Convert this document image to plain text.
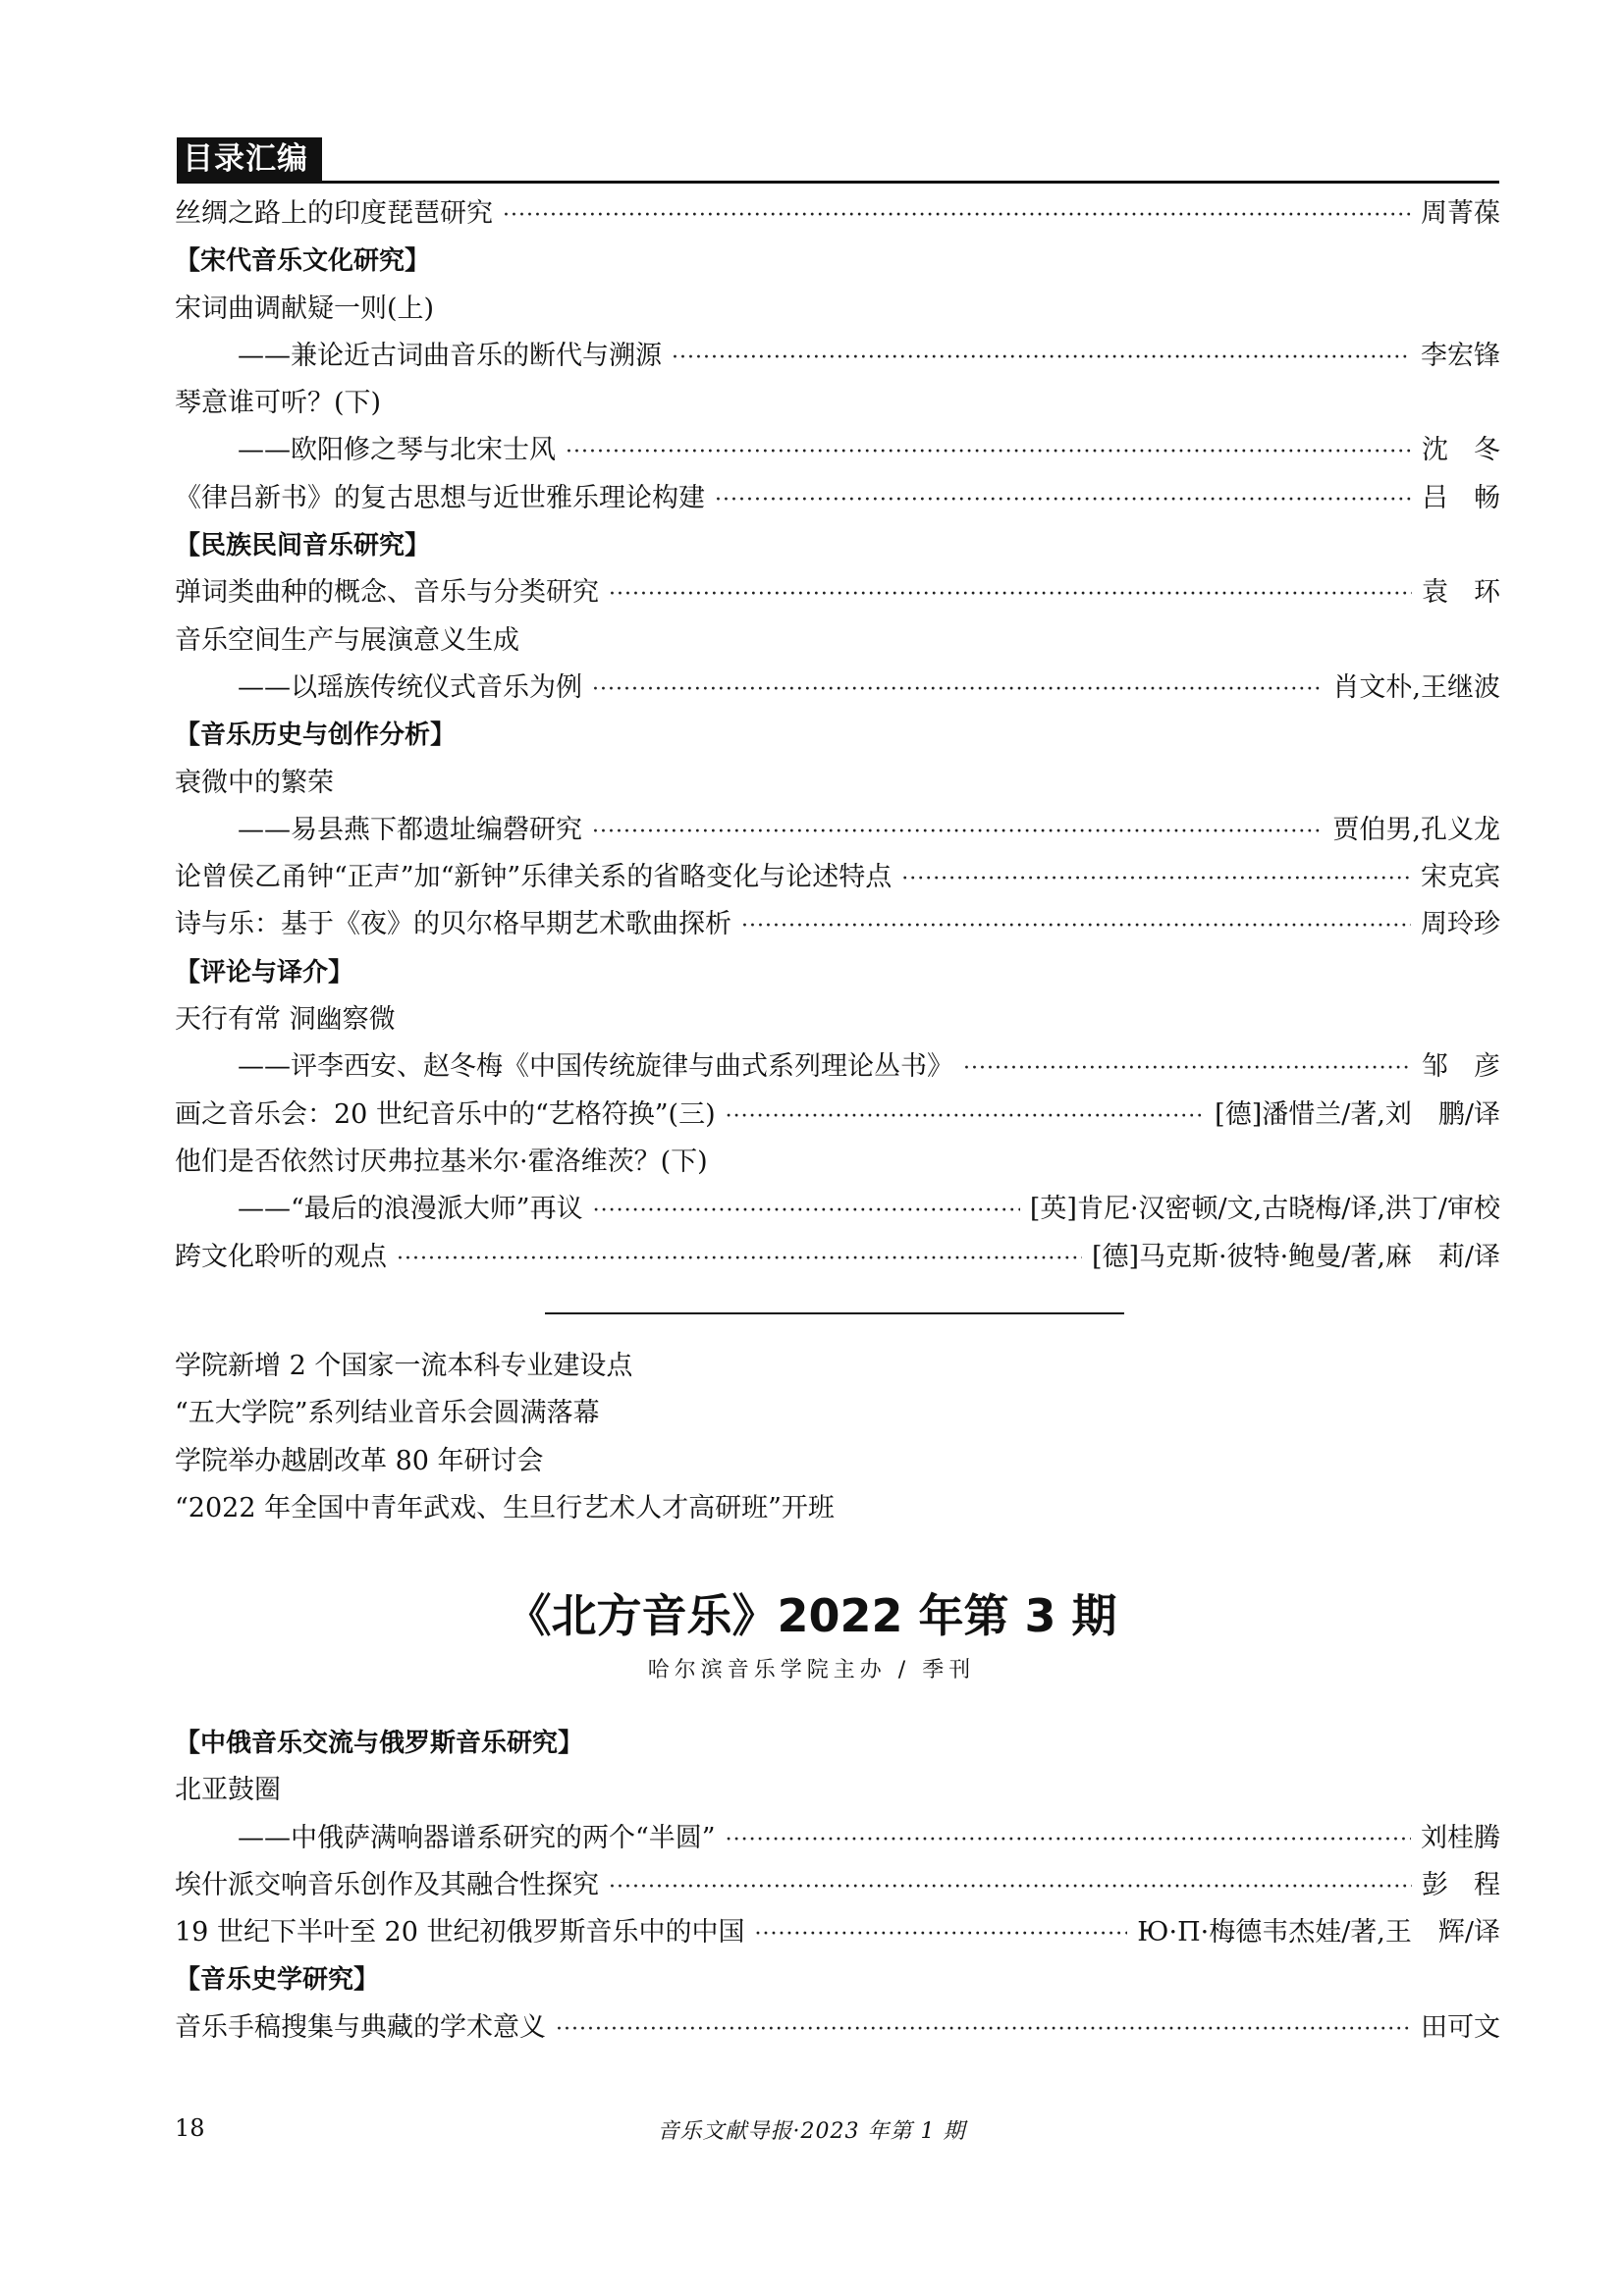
目录汇编
丝绸之路上的印度琵琶研究 ·····	周菁葆
【宋代音乐文化研究】
宋词曲调献疑一则(上)
——兼论近古词曲音乐的断代与溯源 ·····	李宏锋
琴意谁可听？(下)
——欧阳修之琴与北宋士风 ·····	沈冬
《律吕新书》的复古思想与近世雅乐理论构建 ·····	吕畅
【民族民间音乐研究】
弹词类曲种的概念、音乐与分类研究 ·····	袁环
音乐空间生产与展演意义生成
——以瑶族传统仪式音乐为例 ·····	肖文朴,王继波
【音乐历史与创作分析】
衰微中的繁荣
——易县燕下都遗址编磬研究 ·····	贾伯男,孔义龙
论曾侯乙甬钟“正声”加“新钟”乐律关系的省略变化与论述特点 ·····	宋克宾
诗与乐：基于《夜》的贝尔格早期艺术歌曲探析 ·····	周玲珍
【评论与译介】
天行有常 洞幽察微
——评李西安、赵冬梅《中国传统旋律与曲式系列理论丛书》 ·····	邹彦
画之音乐会：20 世纪音乐中的“艺格符换”(三) ·····	[德]潘惜兰/著,刘　鹏/译
他们是否依然讨厌弗拉基米尔·霍洛维茨？(下)
——“最后的浪漫派大师”再议 ·····	[英]肯尼·汉密顿/文,古晓梅/译,洪丁/审校
跨文化聆听的观点 ·····	[德]马克斯·彼特·鲍曼/著,麻　莉/译
学院新增 2 个国家一流本科专业建设点
“五大学院”系列结业音乐会圆满落幕
学院举办越剧改革 80 年研讨会
“2022 年全国中青年武戏、生旦行艺术人才高研班”开班
《北方音乐》2022 年第 3 期
哈尔滨音乐学院主办 / 季刊
【中俄音乐交流与俄罗斯音乐研究】
北亚鼓圈
——中俄萨满响器谱系研究的两个“半圆” ·····	刘桂腾
埃什派交响音乐创作及其融合性探究 ·····	彭程
19 世纪下半叶至 20 世纪初俄罗斯音乐中的中国 ·····	Ю·П·梅德韦杰娃/著,王　辉/译
【音乐史学研究】
音乐手稿搜集与典藏的学术意义 ·····	田可文
18	音乐文献导报·2023 年第 1 期
